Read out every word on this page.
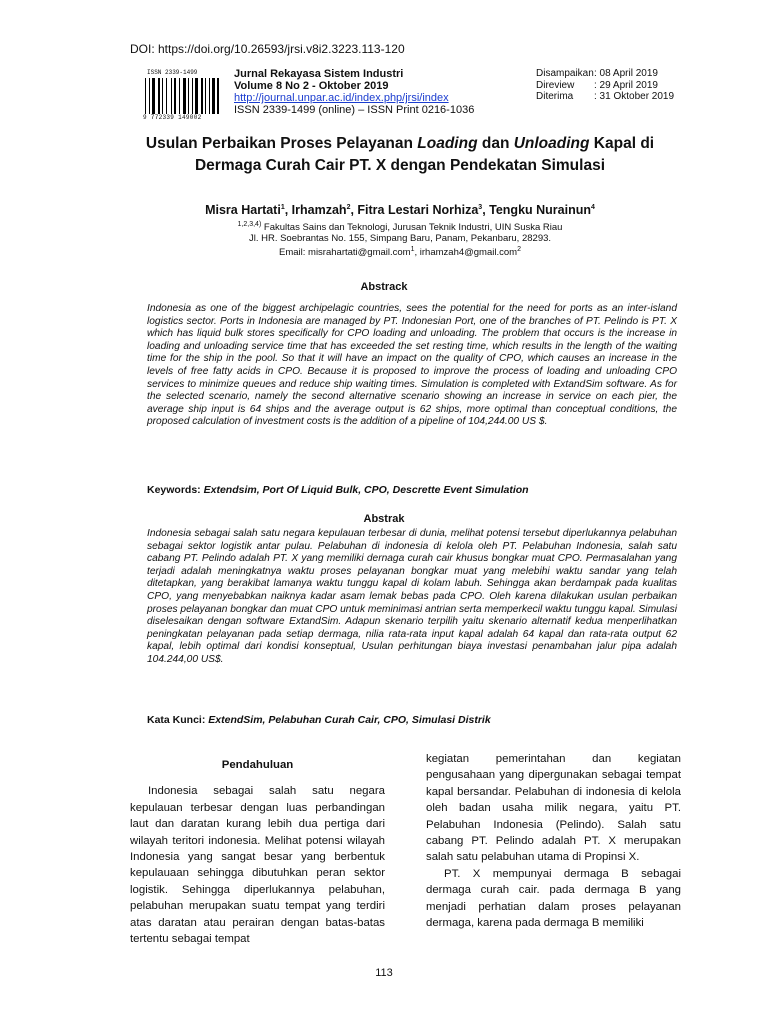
DOI: https://doi.org/10.26593/jrsi.v8i2.3223.113-120
ISSN 2339-1499
9 772339 149002
Jurnal Rekayasa Sistem Industri
Volume 8 No 2 - Oktober 2019
http://journal.unpar.ac.id/index.php/jrsi/index
ISSN 2339-1499 (online) – ISSN Print 0216-1036
Disampaikan : 08 April 2019
Direview	: 29 April 2019
Diterima	: 31 Oktober 2019
Usulan Perbaikan Proses Pelayanan Loading dan Unloading Kapal di
Dermaga Curah Cair PT. X dengan Pendekatan Simulasi
Misra Hartati$^1$, Irhamzah$^2$, Fitra Lestari Norhiza$^3$, Tengku Nurainun$^4$
$^{1,2,3,4)}$ Fakultas Sains dan Teknologi, Jurusan Teknik Industri, UIN Suska Riau
Jl. HR. Soebrantas No. 155, Simpang Baru, Panam, Pekanbaru, 28293.
Email: misrahartati@gmail.com$^1$, irhamzah4@gmail.com$^2$
Abstrack
Indonesia as one of the biggest archipelagic countries, sees the potential for the need for ports as an inter-island logistics sector. Ports in Indonesia are managed by PT. Indonesian Port, one of the branches of PT. Pelindo is PT. X which has liquid bulk stores specifically for CPO loading and unloading. The problem that occurs is the increase in loading and unloading service time that has exceeded the set resting time, which results in the length of the waiting time for the ship in the pool. So that it will have an impact on the quality of CPO, which causes an increase in the levels of free fatty acids in CPO. Because it is proposed to improve the process of loading and unloading CPO services to minimize queues and reduce ship waiting times. Simulation is completed with ExtandSim software. As for the selected scenario, namely the second alternative scenario showing an increase in service on each pier, the average ship input is 64 ships and the average output is 62 ships, more optimal than conceptual conditions, the proposed calculation of investment costs is the addition of a pipeline of 104,244.00 US $.
Keywords: Extendsim, Port Of Liquid Bulk, CPO, Descrette Event Simulation
Abstrak
Indonesia sebagai salah satu negara kepulauan terbesar di dunia, melihat potensi tersebut diperlukannya pelabuhan sebagai sektor logistik antar pulau. Pelabuhan di indonesia di kelola oleh PT. Pelabuhan Indonesia, salah satu cabang PT. Pelindo adalah PT. X yang memiliki dernaga curah cair khusus bongkar muat CPO. Permasalahan yang terjadi adalah meningkatnya waktu proses pelayanan bongkar muat yang melebihi waktu sandar yang telah ditetapkan, yang berakibat lamanya waktu tunggu kapal di kolam labuh. Sehingga akan berdampak pada kualitas CPO, yang menyebabkan naiknya kadar asam lemak bebas pada CPO. Oleh karena dilakukan usulan perbaikan proses pelayanan bongkar dan muat CPO untuk meminimasi antrian serta memperkecil waktu tunggu kapal. Simulasi diselesaikan dengan software ExtandSim. Adapun skenario terpilih yaitu skenario alternatif kedua menperlihatkan peningkatan pelayanan pada setiap dermaga, nilia rata-rata input kapal adalah 64 kapal dan rata-rata output 62 kapal, lebih optimal dari kondisi konseptual, Usulan perhitungan biaya investasi penambahan jalur pipa adalah 104.244,00 US$.
Kata Kunci: ExtendSim, Pelabuhan Curah Cair, CPO, Simulasi Distrik

Pendahuluan

Indonesia sebagai salah satu negara kepulauan terbesar dengan luas perbandingan laut dan daratan kurang lebih dua pertiga dari wilayah teritori indonesia. Melihat potensi wilayah Indonesia yang sangat besar yang berbentuk kepulauaan sehingga dibutuhkan peran sektor logistik. Sehingga diperlukannya pelabuhan, pelabuhan merupakan suatu tempat yang terdiri atas daratan atau perairan dengan batas-batas tertentu sebagai tempat

kegiatan pemerintahan dan kegiatan pengusahaan yang dipergunakan sebagai tempat kapal bersandar. Pelabuhan di indonesia di kelola oleh badan usaha milik negara, yaitu PT. Pelabuhan Indonesia (Pelindo). Salah satu cabang PT. Pelindo adalah PT. X merupakan salah satu pelabuhan utama di Propinsi X.

PT. X mempunyai dermaga B sebagai dermaga curah cair. pada dermaga B yang menjadi perhatian dalam proses pelayanan dermaga, karena pada dermaga B memiliki

113
